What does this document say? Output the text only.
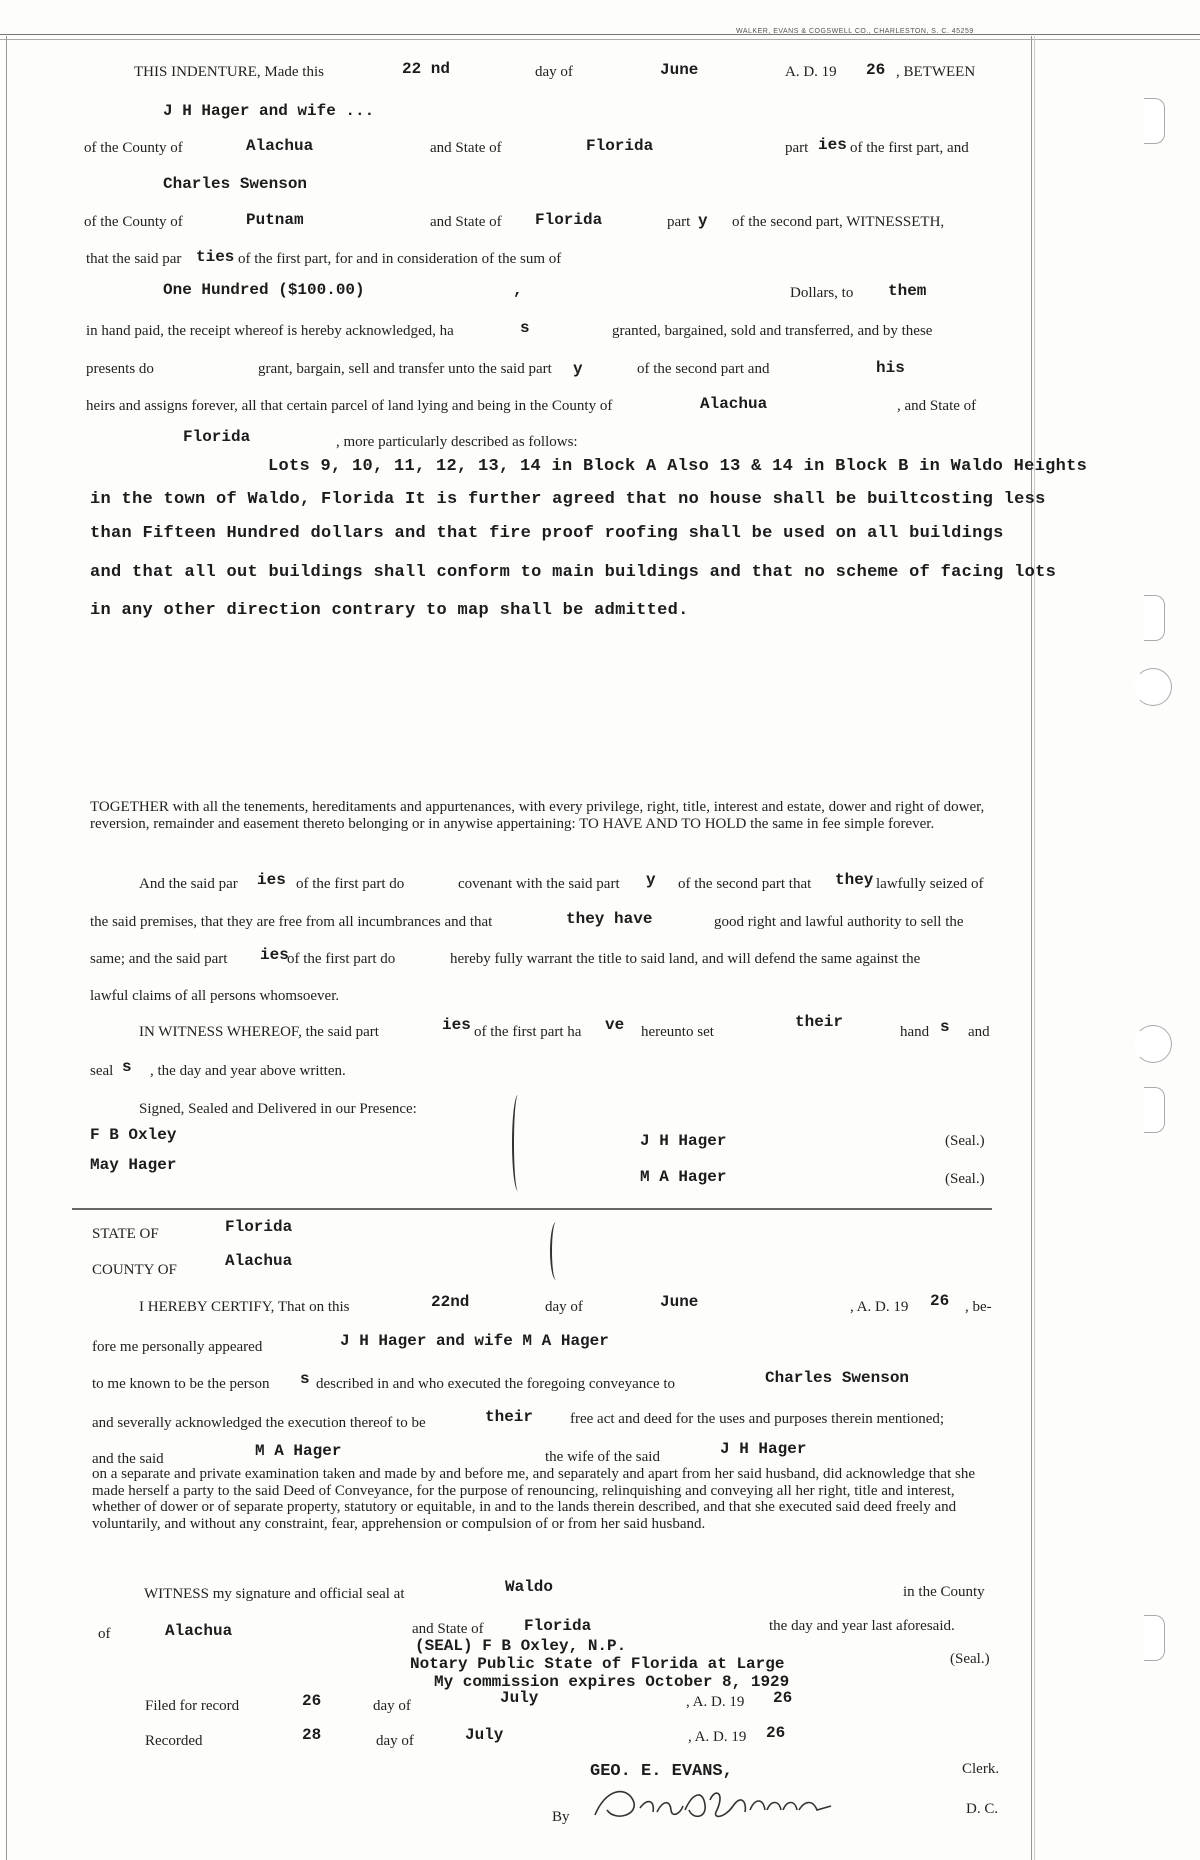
WALKER, EVANS & COGSWELL CO., CHARLESTON, S. C. 45259
THIS INDENTURE, Made this	22 nd	day of	June	A. D. 19 26 , BETWEEN
J H Hager and wife ...
of the County of	Alachua	and State of	Florida	part ies of the first part, and
Charles Swenson
of the County of	Putnam	and State of Florida	part y of the second part, WITNESSETH,
that the said par ties of the first part, for and in consideration of the sum of
One Hundred ($100.00)	,	Dollars, to them
in hand paid, the receipt whereof is hereby acknowledged, ha	s	granted, bargained, sold and transferred, and by these
presents do	grant, bargain, sell and transfer unto the said part y	of the second part and	his
heirs and assigns forever, all that certain parcel of land lying and being in the County of	Alachua	, and State of
Florida	, more particularly described as follows:
Lots 9, 10, 11, 12, 13, 14 in Block A Also 13 & 14 in Block B in Waldo Heights
in the town of Waldo, Florida It is further agreed that no house shall be builtcosting less
than Fifteen Hundred dollars and that fire proof roofing shall be used on all buildings
and that all out buildings shall conform to main buildings and that no scheme of facing lots
in any other direction contrary to map shall be admitted.
TOGETHER with all the tenements, hereditaments and appurtenances, with every privilege, right, title, interest and estate, dower and right of dower, reversion, remainder and easement thereto belonging or in anywise appertaining: TO HAVE AND TO HOLD the same in fee simple forever.
And the said par ies of the first part do	covenant with the said part y of the second part that they lawfully seized of
the said premises, that they are free from all incumbrances and that	they have	good right and lawful authority to sell the
same; and the said part ies
of the first part do	hereby fully warrant the title to said land, and will defend the same against the
lawful claims of all persons whomsoever.
IN WITNESS WHEREOF, the said part	ies of the first part ha ve hereunto set
their
hand s and
seal s , the day and year above written.
Signed, Sealed and Delivered in our Presence:
F B Oxley
May Hager
J H Hager
M A Hager
(Seal.)
(Seal.)
STATE OF	Florida
COUNTY OF	Alachua
I HEREBY CERTIFY, That on this	22nd	day of	June	, A. D. 19 26 , be-
fore me personally appeared	J H Hager and wife M A Hager
to me known to be the person s described in and who executed the foregoing conveyance to	Charles Swenson
and severally acknowledged the execution thereof to be	their free act and deed for the uses and purposes therein mentioned;
and the said	M A Hager	the wife of the said	J H Hager
on a separate and private examination taken and made by and before me, and separately and apart from her said husband, did acknowledge that she made herself a party to the said Deed of Conveyance, for the purpose of renouncing, relinquishing and conveying all her right, title and interest, whether of dower or of separate property, statutory or equitable, in and to the lands therein described, and that she executed said deed freely and voluntarily, and without any constraint, fear, apprehension or compulsion of or from her said husband.
WITNESS my signature and official seal at	Waldo	in the County
of	Alachua	and State of	Florida	the day and year last aforesaid.
(SEAL) F B Oxley, N.P.
Notary Public State of Florida at Large
My commission expires October 8, 1929
(Seal.)
Filed for record	26	day of	July	, A. D. 19 26
Recorded	28	day of	July	, A. D. 19 26
GEO. E. EVANS,	Clerk.
By	D. C.
